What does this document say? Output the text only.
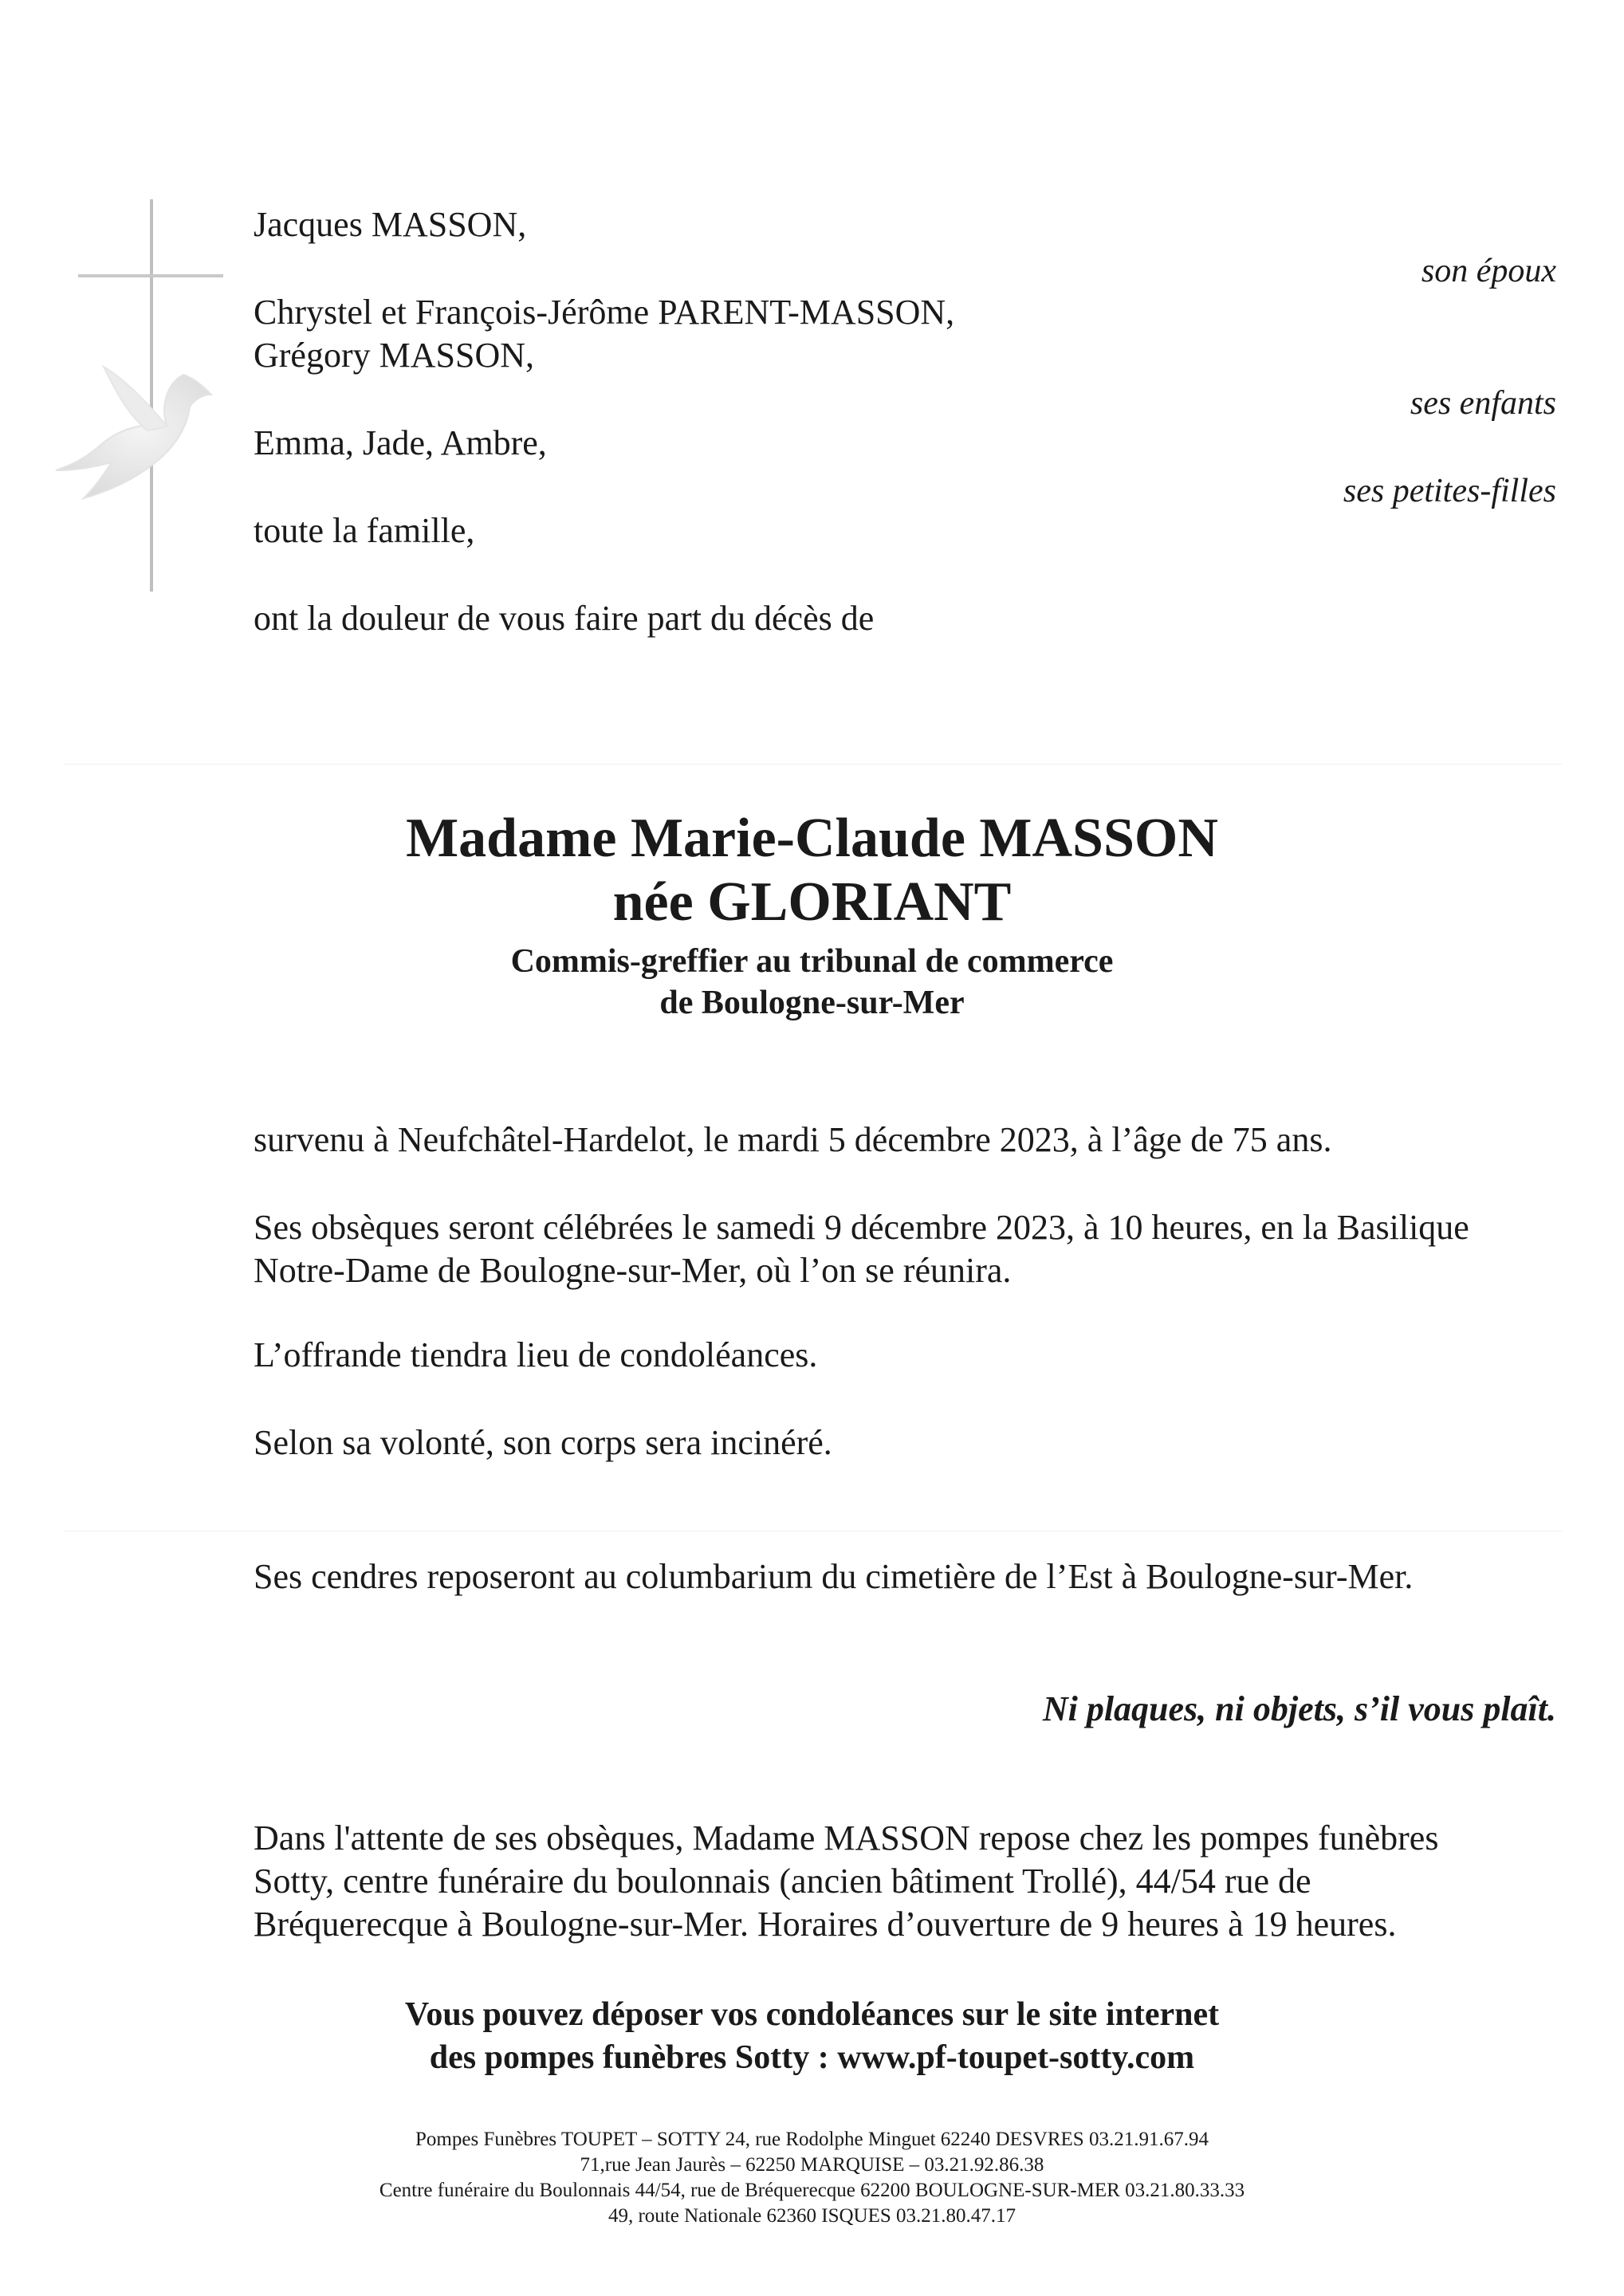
Jacques MASSON,
Chrystel et François-Jérôme PARENT-MASSON,
Grégory MASSON,
Emma, Jade, Ambre,
toute la famille,
son époux
ses enfants
ses petites-filles
ont la douleur de vous faire part du décès de
Madame Marie-Claude MASSON
née GLORIANT
Commis-greffier au tribunal de commerce
de Boulogne-sur-Mer
survenu à Neufchâtel-Hardelot, le mardi 5 décembre 2023, à l’âge de 75 ans.
Ses obsèques seront célébrées le samedi 9 décembre 2023, à 10 heures, en la Basilique
Notre-Dame de Boulogne-sur-Mer, où l’on se réunira.
L’offrande tiendra lieu de condoléances.
Selon sa volonté, son corps sera incinéré.
Ses cendres reposeront au columbarium du cimetière de l’Est à Boulogne-sur-Mer.
Ni plaques, ni objets, s’il vous plaît.
Dans l'attente de ses obsèques, Madame MASSON repose chez les pompes funèbres
Sotty, centre funéraire du boulonnais (ancien bâtiment Trollé), 44/54 rue de
Bréquerecque à Boulogne-sur-Mer. Horaires d’ouverture de 9 heures à 19 heures.
Vous pouvez déposer vos condoléances sur le site internet
des pompes funèbres Sotty : www.pf-toupet-sotty.com
Pompes Funèbres TOUPET – SOTTY 24, rue Rodolphe Minguet 62240 DESVRES 03.21.91.67.94
71,rue Jean Jaurès – 62250 MARQUISE – 03.21.92.86.38
Centre funéraire du Boulonnais 44/54, rue de Bréquerecque 62200 BOULOGNE-SUR-MER 03.21.80.33.33
49, route Nationale 62360 ISQUES 03.21.80.47.17
